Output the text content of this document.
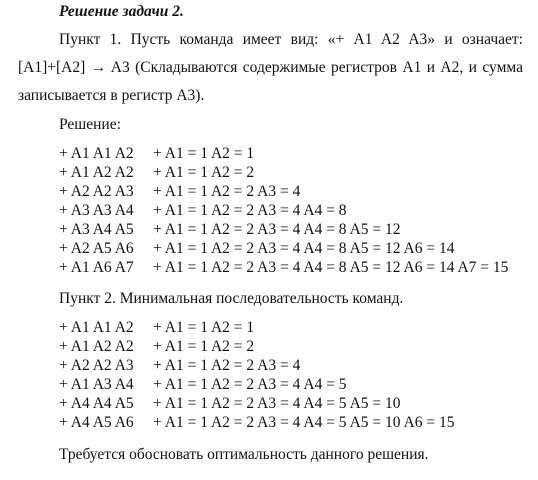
Решение задачи 2.
Пункт 1. Пусть команда имеет вид: «+ A1 A2 A3» и означает:
[A1]+[A2] → A3 (Складываются содержимые регистров A1 и A2, и сумма
записывается в регистр A3).
Решение:
+ A1 A1 A2 + A1 = 1 A2 = 1
+ A1 A2 A2 + A1 = 1 A2 = 2
+ A2 A2 A3 + A1 = 1 A2 = 2 A3 = 4
+ A3 A3 A4 + A1 = 1 A2 = 2 A3 = 4 A4 = 8
+ A3 A4 A5 + A1 = 1 A2 = 2 A3 = 4 A4 = 8 A5 = 12
+ A2 A5 A6 + A1 = 1 A2 = 2 A3 = 4 A4 = 8 A5 = 12 A6 = 14
+ A1 A6 A7 + A1 = 1 A2 = 2 A3 = 4 A4 = 8 A5 = 12 A6 = 14 A7 = 15
Пункт 2. Минимальная последовательность команд.
+ A1 A1 A2 + A1 = 1 A2 = 1
+ A1 A2 A2 + A1 = 1 A2 = 2
+ A2 A2 A3 + A1 = 1 A2 = 2 A3 = 4
+ A1 A3 A4 + A1 = 1 A2 = 2 A3 = 4 A4 = 5
+ A4 A4 A5 + A1 = 1 A2 = 2 A3 = 4 A4 = 5 A5 = 10
+ A4 A5 A6 + A1 = 1 A2 = 2 A3 = 4 A4 = 5 A5 = 10 A6 = 15
Требуется обосновать оптимальность данного решения.
